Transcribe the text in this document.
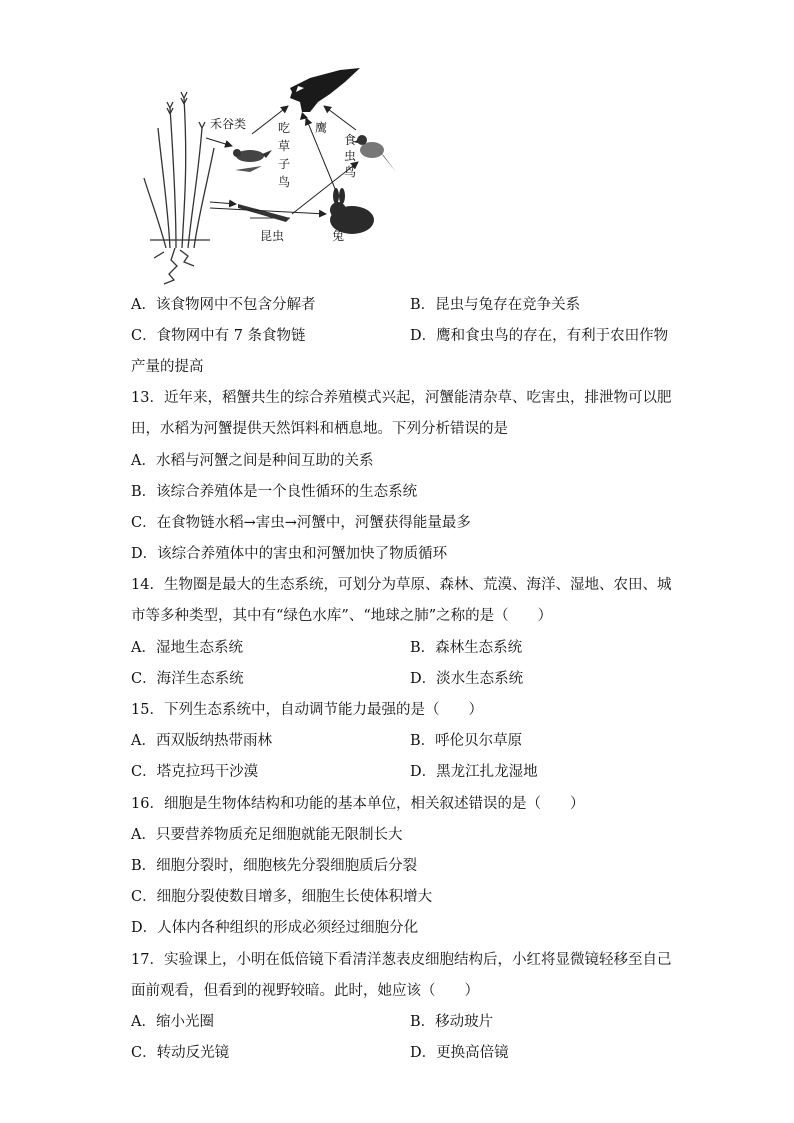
禾谷类	吃
草
子
鸟
鹰
食
虫
鸟
昆虫	兔
A．该食物网中不包含分解者	B．昆虫与兔存在竞争关系
C．食物网中有 7 条食物链	D．鹰和食虫鸟的存在，有利于农田作物
产量的提高
13．近年来，稻蟹共生的综合养殖模式兴起，河蟹能清杂草、吃害虫，排泄物可以肥
田，水稻为河蟹提供天然饵料和栖息地。下列分析错误的是
A．水稻与河蟹之间是种间互助的关系
B．该综合养殖体是一个良性循环的生态系统
C．在食物链水稻→害虫→河蟹中，河蟹获得能量最多
D．该综合养殖体中的害虫和河蟹加快了物质循环
14．生物圈是最大的生态系统，可划分为草原、森林、荒漠、海洋、湿地、农田、城
市等多种类型，其中有“绿色水库”、“地球之肺”之称的是（　　）
A．湿地生态系统	B．森林生态系统
C．海洋生态系统	D．淡水生态系统
15．下列生态系统中，自动调节能力最强的是（　　）
A．西双版纳热带雨林	B．呼伦贝尔草原
C．塔克拉玛干沙漠	D．黑龙江扎龙湿地
16．细胞是生物体结构和功能的基本单位，相关叙述错误的是（　　）
A．只要营养物质充足细胞就能无限制长大
B．细胞分裂时，细胞核先分裂细胞质后分裂
C．细胞分裂使数目增多，细胞生长使体积增大
D．人体内各种组织的形成必须经过细胞分化
17．实验课上，小明在低倍镜下看清洋葱表皮细胞结构后，小红将显微镜轻移至自己
面前观看，但看到的视野较暗。此时，她应该（　　）
A．缩小光圈	B．移动玻片
C．转动反光镜	D．更换高倍镜
